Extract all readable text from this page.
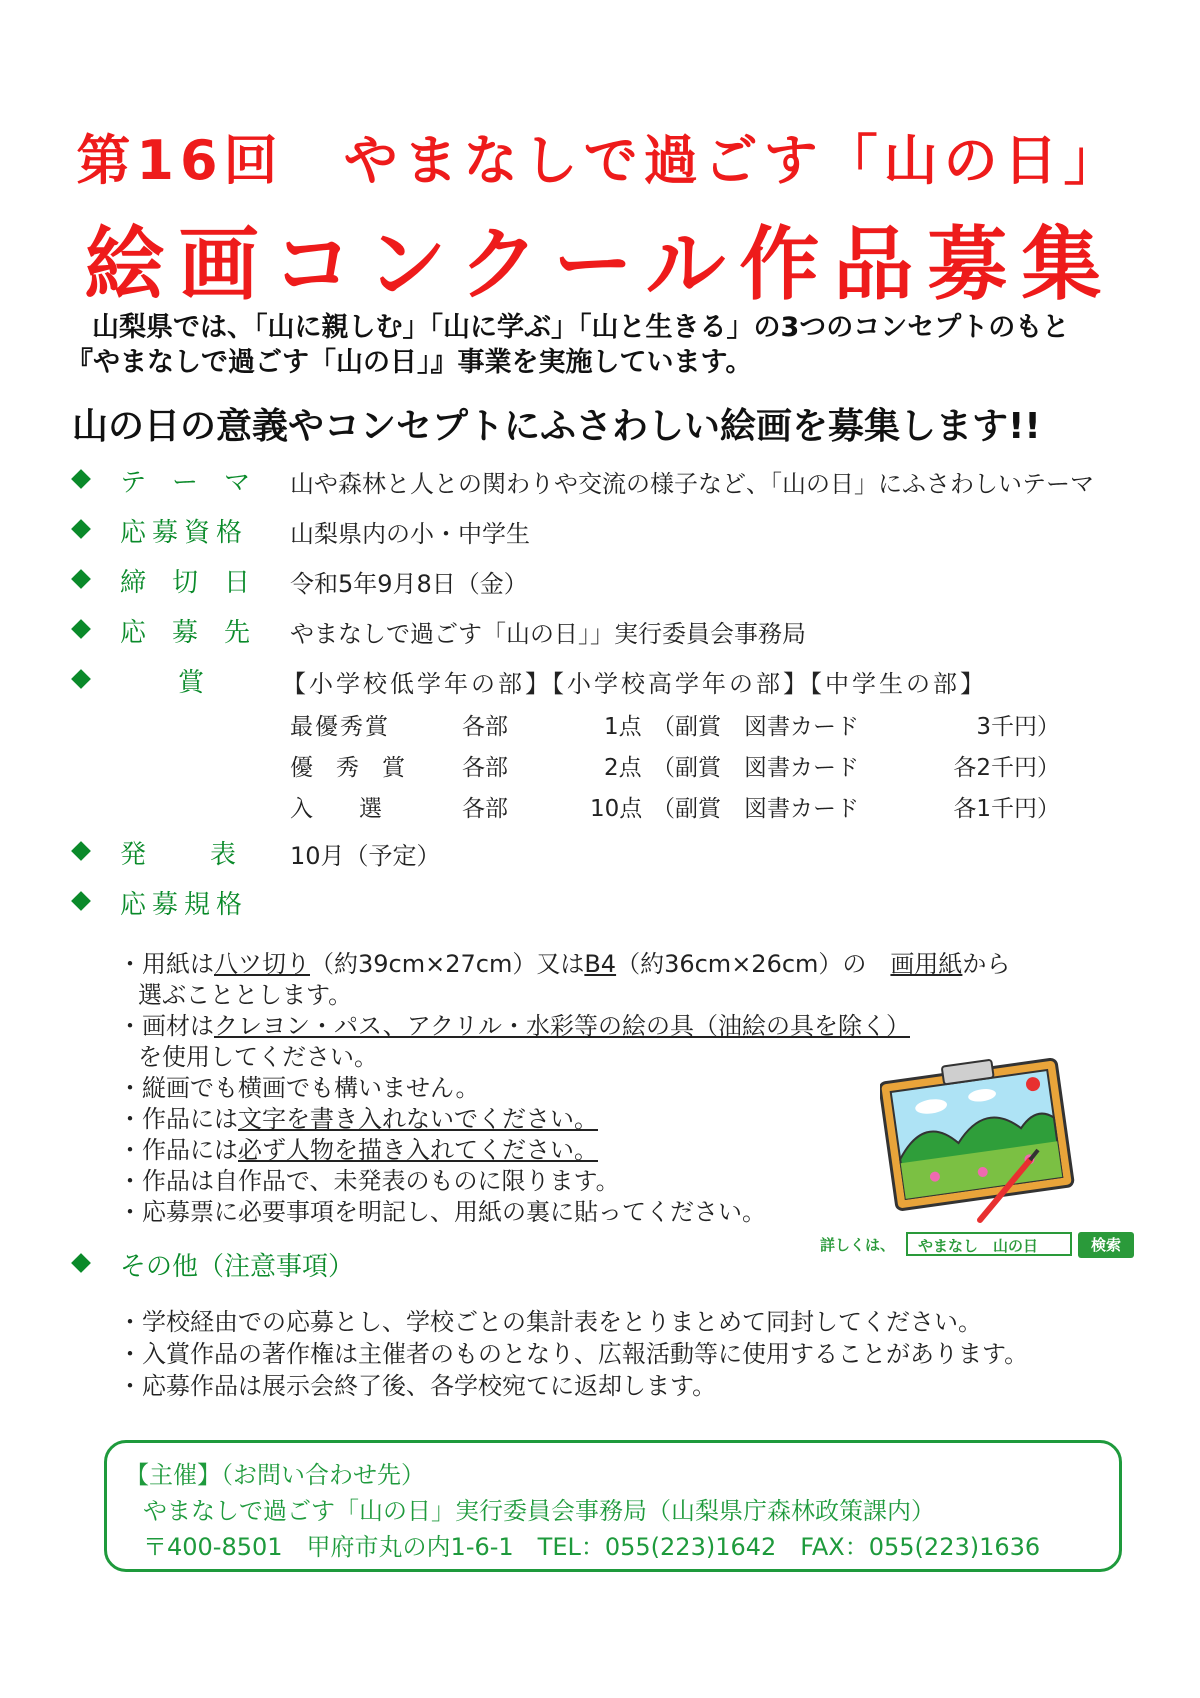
第16回　やまなしで過ごす「山の日」
絵画コンクール作品募集
山梨県では、「山に親しむ」「山に学ぶ」「山と生きる」の3つのコンセプトのもと
『やまなしで過ごす「山の日」』事業を実施しています。
山の日の意義やコンセプトにふさわしい絵画を募集します!!
テ　ー　マ 山や森林と人との関わりや交流の様子など、「山の日」にふさわしいテーマ
応募資格 山梨県内の小・中学生
締　切　日 令和5年9月8日（金）
応　募　先 やまなしで過ごす「山の日」」実行委員会事務局
賞	【小学校低学年の部】【小学校高学年の部】【中学生の部】
最優秀賞	各部	1点 （副賞　図書カード	3千円）
優　秀　賞 各部	2点 （副賞　図書カード	各2千円）
入　　選	各部	10点 （副賞　図書カード	各1千円）
発　　表 10月（予定）
応募規格
・用紙は八ツ切り（約39cm×27cm）又はB4（約36cm×26cm）の　画用紙から
選ぶこととします。
・画材はクレヨン・パス、アクリル・水彩等の絵の具（油絵の具を除く）
を使用してください。
・縦画でも横画でも構いません。
・作品には文字を書き入れないでください。
・作品には必ず人物を描き入れてください。
・作品は自作品で、未発表のものに限ります。
・応募票に必要事項を明記し、用紙の裏に貼ってください。
詳しくは、	やまなし　山の日	検索
その他（注意事項）
・学校経由での応募とし、学校ごとの集計表をとりまとめて同封してください。
・入賞作品の著作権は主催者のものとなり、広報活動等に使用することがあります。
・応募作品は展示会終了後、各学校宛てに返却します。
【主催】（お問い合わせ先）
やまなしで過ごす「山の日」実行委員会事務局（山梨県庁森林政策課内）
〒400-8501　甲府市丸の内1-6-1　TEL：055(223)1642　FAX：055(223)1636
